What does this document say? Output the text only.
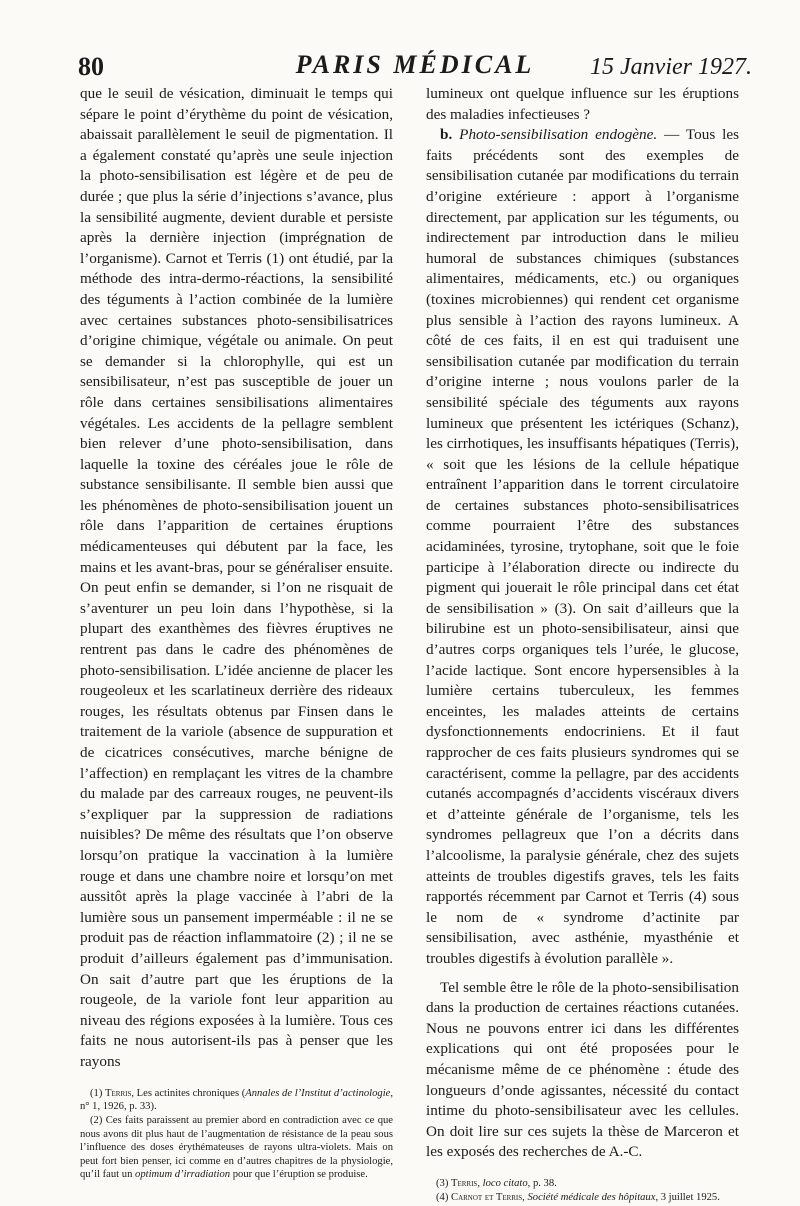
80	PARIS MÉDICAL	15 Janvier 1927.

que le seuil de vésication, diminuait le temps qui sépare le point d’érythème du point de vésication, abaissait parallèlement le seuil de pigmentation. Il a également constaté qu’après une seule injection la photo-sensibilisation est légère et de peu de durée ; que plus la série d’injections s’avance, plus la sensibilité augmente, devient durable et persiste après la dernière injection (imprégnation de l’organisme). Carnot et Terris (1) ont étudié, par la méthode des intra-dermo-réactions, la sensibilité des téguments à l’action combinée de la lumière avec certaines substances photo-sensibilisatrices d’origine chimique, végétale ou animale. On peut se demander si la chlorophylle, qui est un sensibilisateur, n’est pas susceptible de jouer un rôle dans certaines sensibilisations alimentaires végétales. Les accidents de la pellagre semblent bien relever d’une photo-sensibilisation, dans laquelle la toxine des céréales joue le rôle de substance sensibilisante. Il semble bien aussi que les phénomènes de photo-sensibilisation jouent un rôle dans l’apparition de certaines éruptions médicamenteuses qui débutent par la face, les mains et les avant-bras, pour se généraliser ensuite. On peut enfin se demander, si l’on ne risquait de s’aventurer un peu loin dans l’hypothèse, si la plupart des exanthèmes des fièvres éruptives ne rentrent pas dans le cadre des phénomènes de photo-sensibilisation. L’idée ancienne de placer les rougeoleux et les scarlatineux derrière des rideaux rouges, les résultats obtenus par Finsen dans le traitement de la variole (absence de suppuration et de cicatrices consécutives, marche bénigne de l’affection) en remplaçant les vitres de la chambre du malade par des carreaux rouges, ne peuvent-ils s’expliquer par la suppression de radiations nuisibles? De même des résultats que l’on observe lorsqu’on pratique la vaccination à la lumière rouge et dans une chambre noire et lorsqu’on met aussitôt après la plage vaccinée à l’abri de la lumière sous un pansement imperméable : il ne se produit pas de réaction inflammatoire (2) ; il ne se produit d’ailleurs également pas d’immunisation. On sait d’autre part que les éruptions de la rougeole, de la variole font leur apparition au niveau des régions exposées à la lumière. Tous ces faits ne nous autorisent-ils pas à penser que les rayons

(1) Terris, Les actinites chroniques (Annales de l’Institut d’actinologie, n° 1, 1926, p. 33).

(2) Ces faits paraissent au premier abord en contradiction avec ce que nous avons dit plus haut de l’augmentation de résistance de la peau sous l’influence des doses érythémateuses de rayons ultra-violets. Mais on peut fort bien penser, ici comme en d’autres chapitres de la physiologie, qu’il faut un optimum d’irradiation pour que l’éruption se produise.

lumineux ont quelque influence sur les éruptions des maladies infectieuses ?

b. Photo-sensibilisation endogène. — Tous les faits précédents sont des exemples de sensibilisation cutanée par modifications du terrain d’origine extérieure : apport à l’organisme directement, par application sur les téguments, ou indirectement par introduction dans le milieu humoral de substances chimiques (substances alimentaires, médicaments, etc.) ou organiques (toxines microbiennes) qui rendent cet organisme plus sensible à l’action des rayons lumineux. A côté de ces faits, il en est qui traduisent une sensibilisation cutanée par modification du terrain d’origine interne ; nous voulons parler de la sensibilité spéciale des téguments aux rayons lumineux que présentent les ictériques (Schanz), les cirrhotiques, les insuffisants hépatiques (Terris), « soit que les lésions de la cellule hépatique entraînent l’apparition dans le torrent circulatoire de certaines substances photo-sensibilisatrices comme pourraient l’être des substances acidaminées, tyrosine, trytophane, soit que le foie participe à l’élaboration directe ou indirecte du pigment qui jouerait le rôle principal dans cet état de sensibilisation » (3). On sait d’ailleurs que la bilirubine est un photo-sensibilisateur, ainsi que d’autres corps organiques tels l’urée, le glucose, l’acide lactique. Sont encore hypersensibles à la lumière certains tuberculeux, les femmes enceintes, les malades atteints de certains dysfonctionnements endocriniens. Et il faut rapprocher de ces faits plusieurs syndromes qui se caractérisent, comme la pellagre, par des accidents cutanés accompagnés d’accidents viscéraux divers et d’atteinte générale de l’organisme, tels les syndromes pellagreux que l’on a décrits dans l’alcoolisme, la paralysie générale, chez des sujets atteints de troubles digestifs graves, tels les faits rapportés récemment par Carnot et Terris (4) sous le nom de « syndrome d’actinite par sensibilisation, avec asthénie, myasthénie et troubles digestifs à évolution parallèle ».

Tel semble être le rôle de la photo-sensibilisation dans la production de certaines réactions cutanées. Nous ne pouvons entrer ici dans les différentes explications qui ont été proposées pour le mécanisme même de ce phénomène : étude des longueurs d’onde agissantes, nécessité du contact intime du photo-sensibilisateur avec les cellules. On doit lire sur ces sujets la thèse de Marceron et les exposés des recherches de A.-C.

(3) Terris, loco citato, p. 38.

(4) Carnot et Terris, Société médicale des hôpitaux, 3 juillet 1925.
